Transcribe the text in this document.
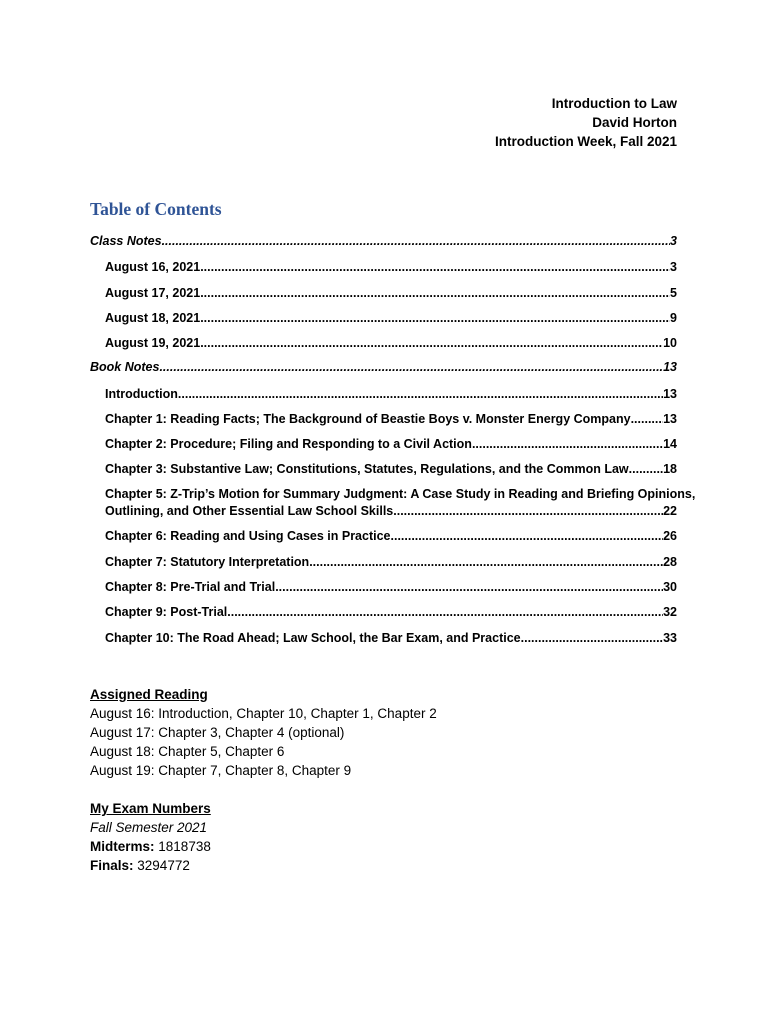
Introduction to Law
David Horton
Introduction Week, Fall 2021
Table of Contents
Class Notes .....	3
August 16, 2021 .....	3
August 17, 2021 .....	5
August 18, 2021 .....	9
August 19, 2021 .....	10
Book Notes .....	13
Introduction .....	13
Chapter 1: Reading Facts; The Background of Beastie Boys v. Monster Energy Company .....	13
Chapter 2: Procedure; Filing and Responding to a Civil Action .....	14
Chapter 3: Substantive Law; Constitutions, Statutes, Regulations, and the Common Law .....	18
Chapter 5: Z-Trip’s Motion for Summary Judgment: A Case Study in Reading and Briefing Opinions,
Outlining, and Other Essential Law School Skills .....	22
Chapter 6: Reading and Using Cases in Practice .....	26
Chapter 7: Statutory Interpretation .....	28
Chapter 8: Pre-Trial and Trial .....	30
Chapter 9: Post-Trial .....	32
Chapter 10: The Road Ahead; Law School, the Bar Exam, and Practice .....	33
Assigned Reading
August 16: Introduction, Chapter 10, Chapter 1, Chapter 2
August 17: Chapter 3, Chapter 4 (optional)
August 18: Chapter 5, Chapter 6
August 19: Chapter 7, Chapter 8, Chapter 9
My Exam Numbers
Fall Semester 2021
Midterms: 1818738
Finals: 3294772
